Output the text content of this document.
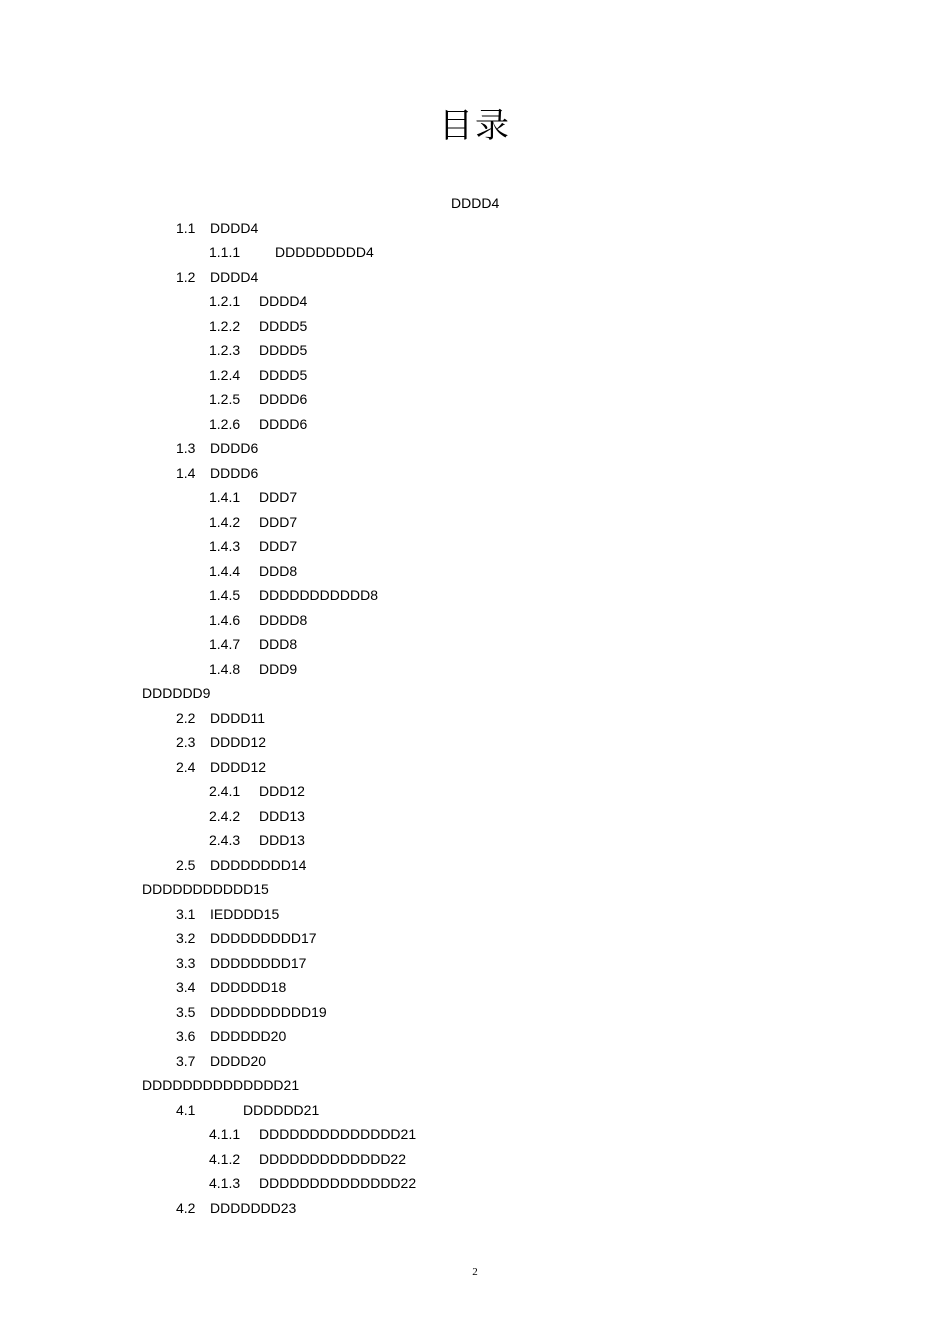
目录
DDDD4
1.1 DDDD4
1.1.1 DDDDDDDDD4
1.2 DDDD4
1.2.1 DDDD4
1.2.2 DDDD5
1.2.3 DDDD5
1.2.4 DDDD5
1.2.5 DDDD6
1.2.6 DDDD6
1.3 DDDD6
1.4 DDDD6
1.4.1 DDD7
1.4.2 DDD7
1.4.3 DDD7
1.4.4 DDD8
1.4.5 DDDDDDDDDDD8
1.4.6 DDDD8
1.4.7 DDD8
1.4.8 DDD9
DDDDDD9
2.2 DDDD11
2.3 DDDD12
2.4 DDDD12
2.4.1 DDD12
2.4.2 DDD13
2.4.3 DDD13
2.5 DDDDDDDD14
DDDDDDDDDDD15
3.1 IEDDDD15
3.2 DDDDDDDDD17
3.3 DDDDDDDD17
3.4 DDDDDD18
3.5 DDDDDDDDDD19
3.6 DDDDDD20
3.7 DDDD20
DDDDDDDDDDDDDD21
4.1	DDDDDD21
4.1.1 DDDDDDDDDDDDDD21
4.1.2 DDDDDDDDDDDDD22
4.1.3 DDDDDDDDDDDDDD22
4.2 DDDDDDD23
2
